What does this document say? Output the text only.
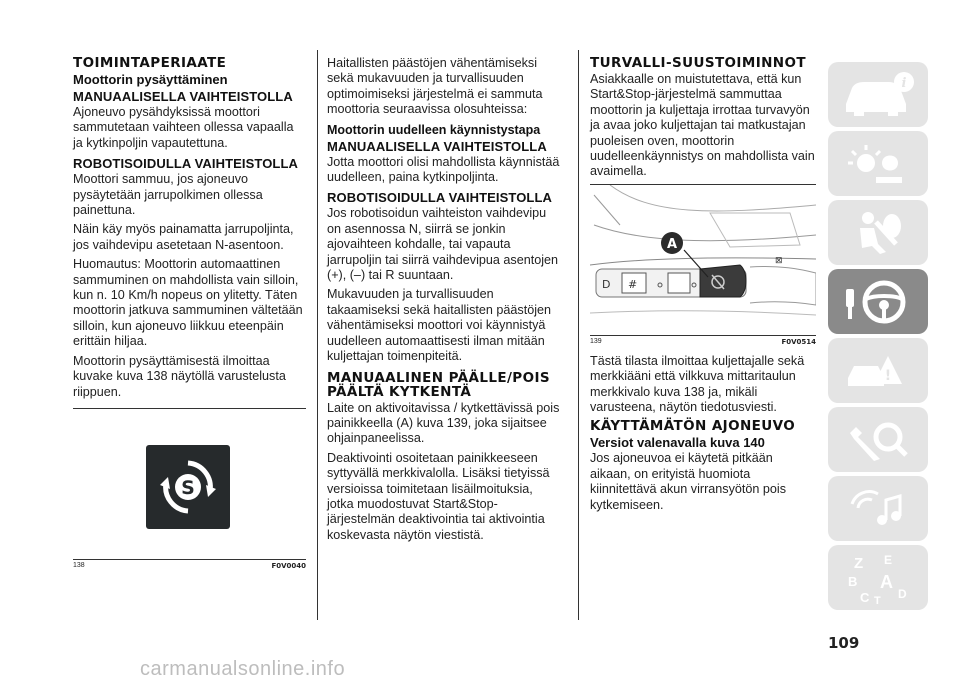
TOIMINTAPERIAATE
Moottorin pysäyttäminen
MANUAALISELLA VAIHTEISTOLLA

Ajoneuvo pysähdyksissä moottori sammutetaan vaihteen ollessa vapaalla ja kytkinpoljin vapautettuna.

ROBOTISOIDULLA VAIHTEISTOLLA

Moottori sammuu, jos ajoneuvo pysäytetään jarrupolkimen ollessa painettuna.

Näin käy myös painamatta jarrupoljinta, jos vaihdevipu asetetaan N-asentoon.

Huomautus: Moottorin automaattinen sammuminen on mahdollista vain silloin, kun n. 10 Km/h nopeus on ylitetty. Täten moottorin jatkuva sammuminen vältetään silloin, kun ajoneuvo liikkuu eteenpäin erittäin hiljaa.

Moottorin pysäyttämisestä ilmoittaa kuvake kuva 138 näytöllä varustelusta riippuen.

S
138	F0V0040

Haitallisten päästöjen vähentämiseksi sekä mukavuuden ja turvallisuuden optimoimiseksi järjestelmä ei sammuta moottoria seuraavissa olosuhteissa:

Moottorin uudelleen käynnistystapa
MANUAALISELLA VAIHTEISTOLLA

Jotta moottori olisi mahdollista käynnistää uudelleen, paina kytkinpoljinta.

ROBOTISOIDULLA VAIHTEISTOLLA

Jos robotisoidun vaihteiston vaihdevipu on asennossa N, siirrä se jonkin ajovaihteen kohdalle, tai vapauta jarrupoljin tai siirrä vaihdevipua asentojen (+), (–) tai R suuntaan.

Mukavuuden ja turvallisuuden takaamiseksi sekä haitallisten päästöjen vähentämiseksi moottori voi käynnistyä uudelleen automaattisesti ilman mitään kuljettajan toimenpiteitä.

MANUAALINEN PÄÄLLE/POIS PÄÄLTÄ KYTKENTÄ

Laite on aktivoitavissa / kytkettävissä pois painikkeella (A) kuva 139, joka sijaitsee ohjainpaneelissa.

Deaktivointi osoitetaan painikkeeseen syttyvällä merkkivalolla. Lisäksi tietyissä versioissa toimitetaan lisäilmoituksia, jotka muodostuvat Start&Stop-järjestelmän deaktivointia tai aktivointia koskevasta näytön viestistä.

TURVALLI-SUUSTOIMINNOT

Asiakkaalle on muistutettava, että kun Start&Stop-järjestelmä sammuttaa moottorin ja kuljettaja irrottaa turvavyön ja avaa joko kuljettajan tai matkustajan puoleisen oven, moottorin uudelleenkäynnistys on mahdollista vain avaimella.

D #
⊠
A
139	F0V0514

Tästä tilasta ilmoittaa kuljettajalle sekä merkkiääni että vilkkuva mittaritaulun merkkivalo kuva 138 ja, mikäli varusteena, näytön tiedotusviesti.

KÄYTTÄMÄTÖN AJONEUVO
Versiot valenavalla kuva 140

Jos ajoneuvoa ei käytetä pitkään aikaan, on erityistä huomiota kiinnitettävä akun virransyötön pois kytkemiseen.

i
!
Z E
B A
C T D
109
carmanualsonline.info
